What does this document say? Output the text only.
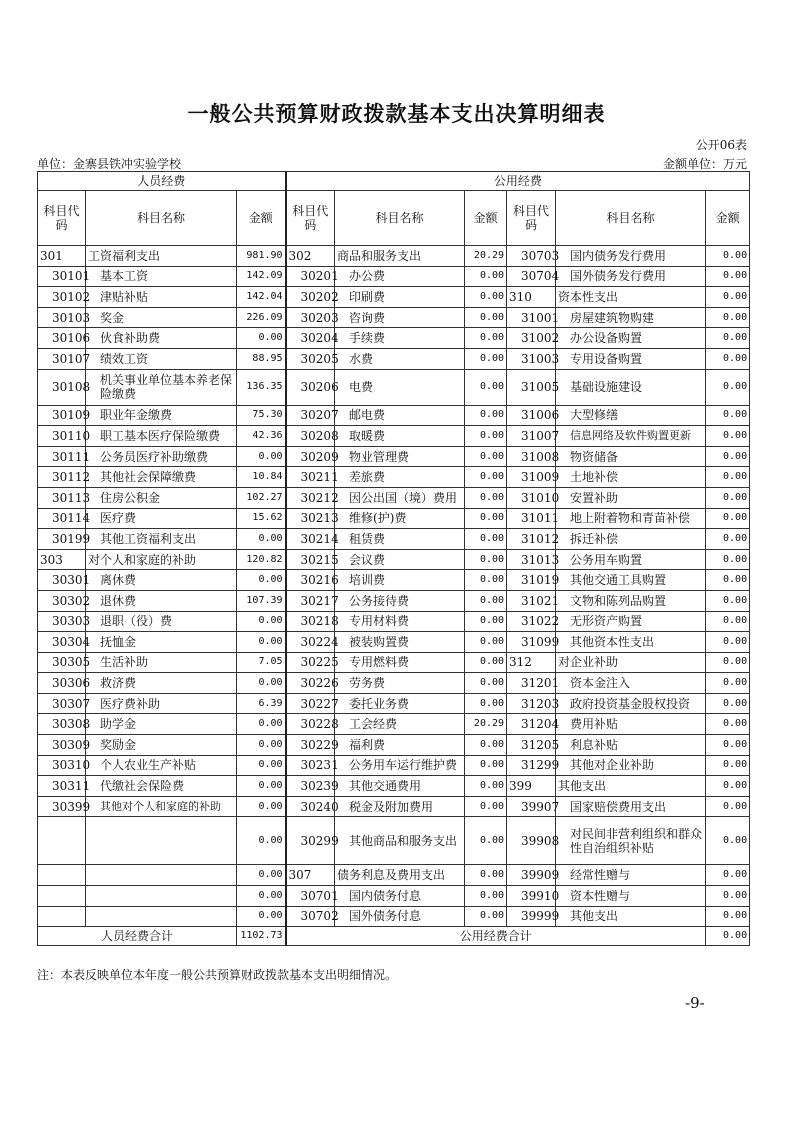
一般公共预算财政拨款基本支出决算明细表
公开06表
单位：金寨县铁冲实验学校	金额单位：万元
人员经费			公用经费					
科目代码	科目名称	金额	科目代码	科目名称	金额	科目代码	科目名称	金额
301	工资福利支出	981.90	302	商品和服务支出	20.29	30703	国内债务发行费用	0.00
30101	基本工资	142.09	30201	办公费	0.00	30704	国外债务发行费用	0.00
30102	津贴补贴	142.04	30202	印刷费	0.00	310	资本性支出	0.00
30103	奖金	226.09	30203	咨询费	0.00	31001	房屋建筑物购建	0.00
30106	伙食补助费	0.00	30204	手续费	0.00	31002	办公设备购置	0.00
30107	绩效工资	88.95	30205	水费	0.00	31003	专用设备购置	0.00
30108	机关事业单位基本养老保险缴费	136.35	30206	电费	0.00	31005	基础设施建设	0.00
30109	职业年金缴费	75.30	30207	邮电费	0.00	31006	大型修缮	0.00
30110	职工基本医疗保险缴费	42.36	30208	取暖费	0.00	31007	信息网络及软件购置更新	0.00
30111	公务员医疗补助缴费	0.00	30209	物业管理费	0.00	31008	物资储备	0.00
30112	其他社会保障缴费	10.84	30211	差旅费	0.00	31009	土地补偿	0.00
30113	住房公积金	102.27	30212	因公出国（境）费用	0.00	31010	安置补助	0.00
30114	医疗费	15.62	30213	维修(护)费	0.00	31011	地上附着物和青苗补偿	0.00
30199	其他工资福利支出	0.00	30214	租赁费	0.00	31012	拆迁补偿	0.00
303	对个人和家庭的补助	120.82	30215	会议费	0.00	31013	公务用车购置	0.00
30301	离休费	0.00	30216	培训费	0.00	31019	其他交通工具购置	0.00
30302	退休费	107.39	30217	公务接待费	0.00	31021	文物和陈列品购置	0.00
30303	退职（役）费	0.00	30218	专用材料费	0.00	31022	无形资产购置	0.00
30304	抚恤金	0.00	30224	被装购置费	0.00	31099	其他资本性支出	0.00
30305	生活补助	7.05	30225	专用燃料费	0.00	312	对企业补助	0.00
30306	救济费	0.00	30226	劳务费	0.00	31201	资本金注入	0.00
30307	医疗费补助	6.39	30227	委托业务费	0.00	31203	政府投资基金股权投资	0.00
30308	助学金	0.00	30228	工会经费	20.29	31204	费用补贴	0.00
30309	奖励金	0.00	30229	福利费	0.00	31205	利息补贴	0.00
30310	个人农业生产补贴	0.00	30231	公务用车运行维护费	0.00	31299	其他对企业补助	0.00
30311	代缴社会保险费	0.00	30239	其他交通费用	0.00	399	其他支出	0.00
30399	其他对个人和家庭的补助	0.00	30240	税金及附加费用	0.00	39907	国家赔偿费用支出	0.00
		0.00	30299	其他商品和服务支出	0.00	39908	对民间非营利组织和群众性自治组织补贴	0.00
		0.00	307	债务利息及费用支出	0.00	39909	经常性赠与	0.00
		0.00	30701	国内债务付息	0.00	39910	资本性赠与	0.00
		0.00	30702	国外债务付息	0.00	39999	其他支出	0.00
人员经费合计		1102.73	公用经费合计					0.00
注：本表反映单位本年度一般公共预算财政拨款基本支出明细情况。
-9-
